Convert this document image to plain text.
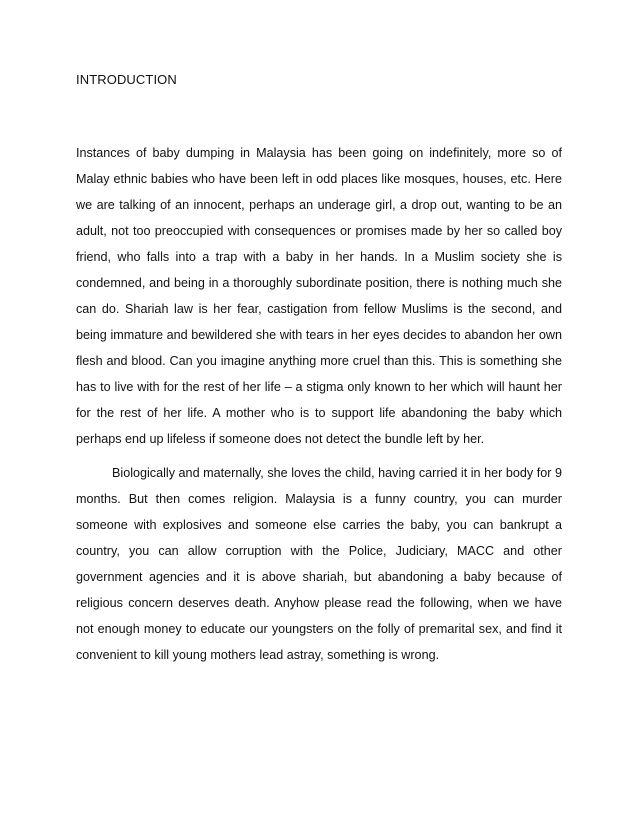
INTRODUCTION

Instances of baby dumping in Malaysia has been going on indefinitely, more so of Malay ethnic babies who have been left in odd places like mosques, houses, etc. Here we are talking of an innocent, perhaps an underage girl, a drop out, wanting to be an adult, not too preoccupied with consequences or promises made by her so called boy friend, who falls into a trap with a baby in her hands. In a Muslim society she is condemned, and being in a thoroughly subordinate position, there is nothing much she can do. Shariah law is her fear, castigation from fellow Muslims is the second, and being immature and bewildered she with tears in her eyes decides to abandon her own flesh and blood. Can you imagine anything more cruel than this. This is something she has to live with for the rest of her life – a stigma only known to her which will haunt her for the rest of her life. A mother who is to support life abandoning the baby which perhaps end up lifeless if someone does not detect the bundle left by her.

Biologically and maternally, she loves the child, having carried it in her body for 9 months. But then comes religion. Malaysia is a funny country, you can murder someone with explosives and someone else carries the baby, you can bankrupt a country, you can allow corruption with the Police, Judiciary, MACC and other government agencies and it is above shariah, but abandoning a baby because of religious concern deserves death. Anyhow please read the following, when we have not enough money to educate our youngsters on the folly of premarital sex, and find it convenient to kill young mothers lead astray, something is wrong.
